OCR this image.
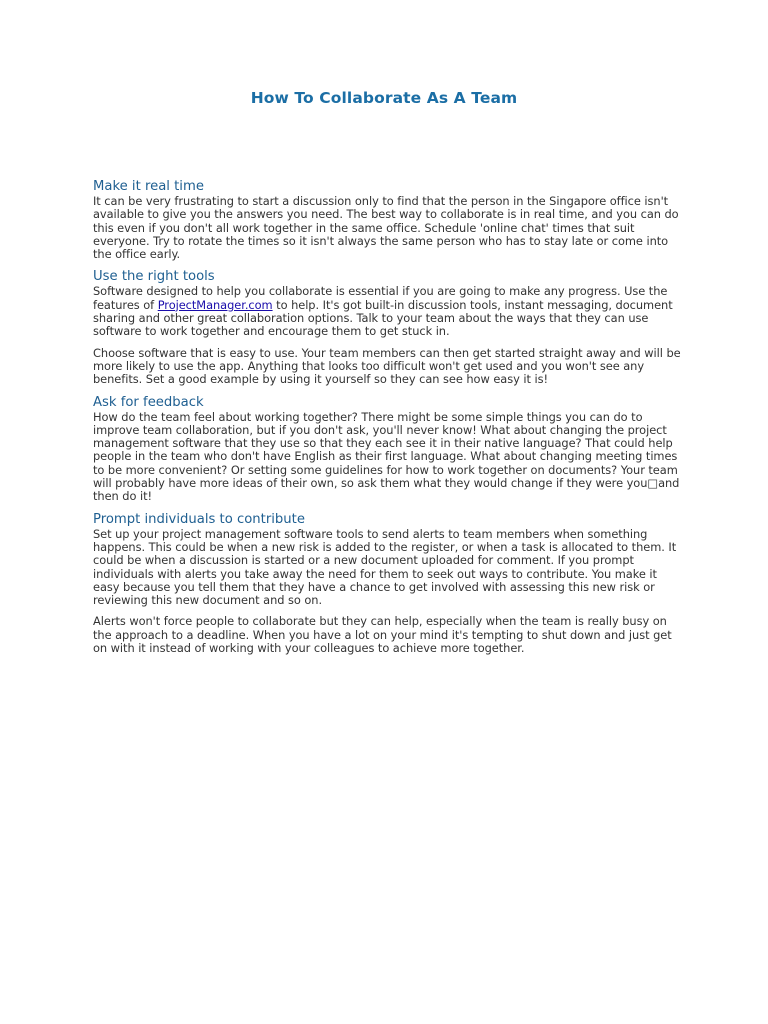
How To Collaborate As A Team
Make it real time

It can be very frustrating to start a discussion only to find that the person in the Singapore office isn't available to give you the answers you need. The best way to collaborate is in real time, and you can do this even if you don't all work together in the same office. Schedule 'online chat' times that suit everyone. Try to rotate the times so it isn't always the same person who has to stay late or come into the office early.

Use the right tools

Software designed to help you collaborate is essential if you are going to make any progress. Use the features of ProjectManager.com to help. It's got built-in discussion tools, instant messaging, document sharing and other great collaboration options. Talk to your team about the ways that they can use software to work together and encourage them to get stuck in.

Choose software that is easy to use. Your team members can then get started straight away and will be more likely to use the app. Anything that looks too difficult won't get used and you won't see any benefits. Set a good example by using it yourself so they can see how easy it is!

Ask for feedback

How do the team feel about working together? There might be some simple things you can do to improve team collaboration, but if you don't ask, you'll never know! What about changing the project management software that they use so that they each see it in their native language? That could help people in the team who don't have English as their first language. What about changing meeting times to be more convenient? Or setting some guidelines for how to work together on documents? Your team will probably have more ideas of their own, so ask them what they would change if they were you□and then do it!

Prompt individuals to contribute

Set up your project management software tools to send alerts to team members when something happens. This could be when a new risk is added to the register, or when a task is allocated to them. It could be when a discussion is started or a new document uploaded for comment. If you prompt individuals with alerts you take away the need for them to seek out ways to contribute. You make it easy because you tell them that they have a chance to get involved with assessing this new risk or reviewing this new document and so on.

Alerts won't force people to collaborate but they can help, especially when the team is really busy on the approach to a deadline. When you have a lot on your mind it's tempting to shut down and just get on with it instead of working with your colleagues to achieve more together.
